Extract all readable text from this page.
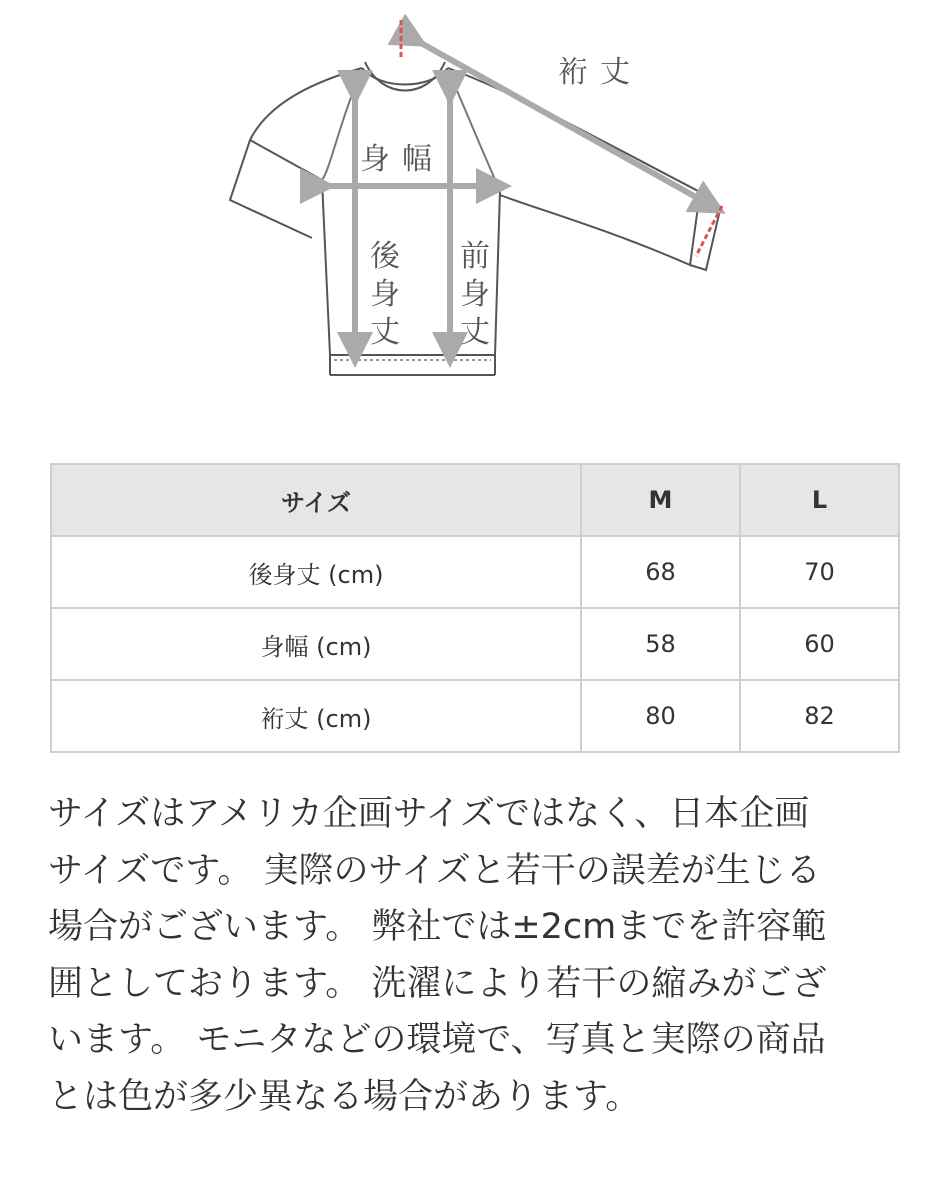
裄丈
身幅
後
身
丈
前
身
丈
サイズ	M	L
後身丈 (cm)	68	70
身幅 (cm)	58	60
裄丈 (cm)	80	82

サイズはアメリカ企画サイズではなく、日本企画
サイズです。 実際のサイズと若干の誤差が生じる
場合がございます。 弊社では±2cmまでを許容範
囲としております。 洗濯により若干の縮みがござ
います。 モニタなどの環境で、写真と実際の商品
とは色が多少異なる場合があります。
